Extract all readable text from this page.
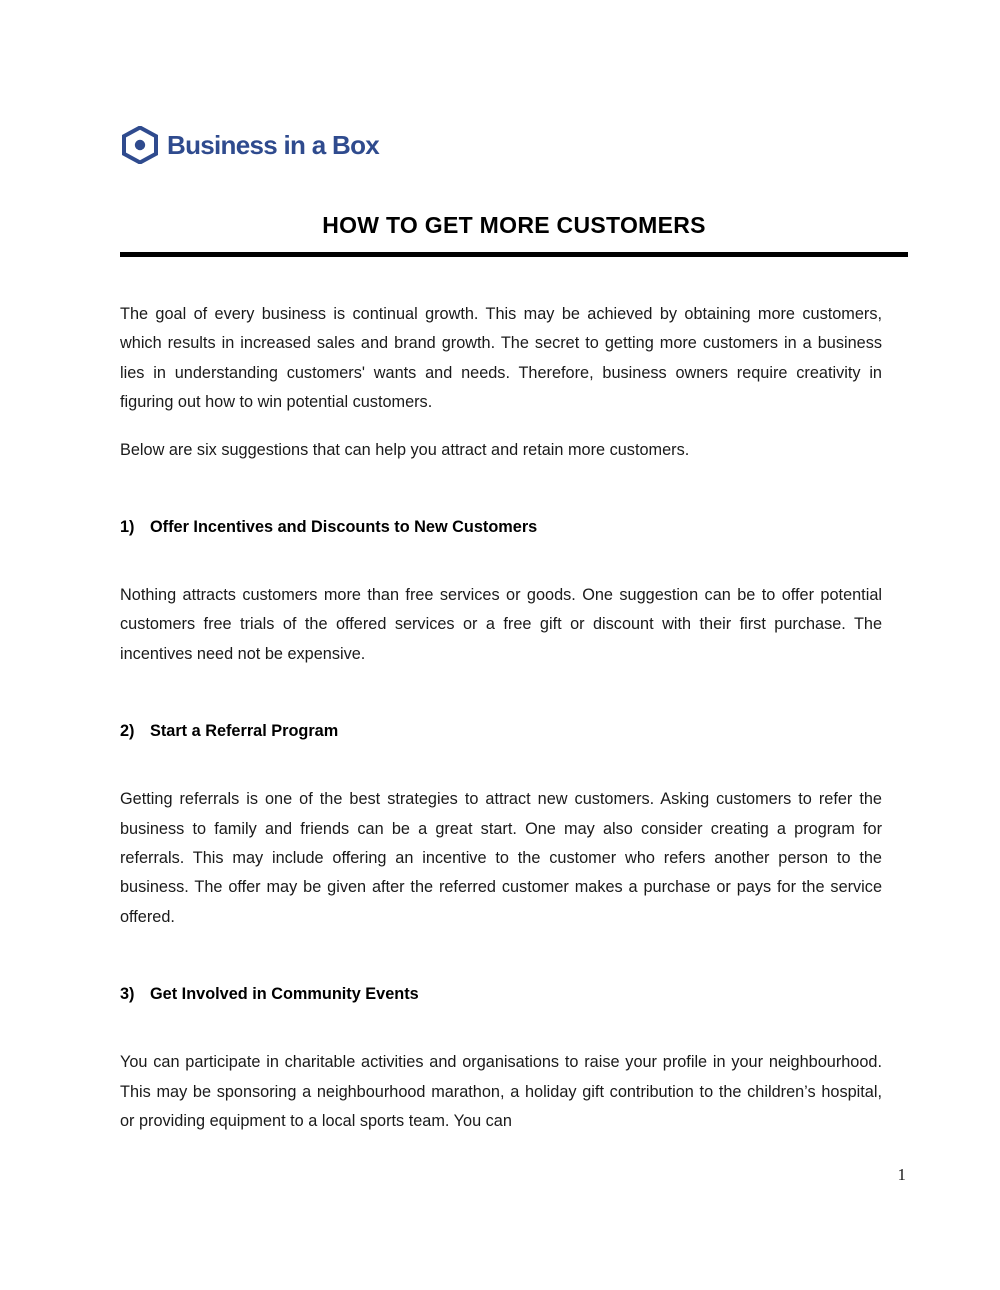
Business in a Box
HOW TO GET MORE CUSTOMERS

The goal of every business is continual growth. This may be achieved by obtaining more customers, which results in increased sales and brand growth. The secret to getting more customers in a business lies in understanding customers' wants and needs. Therefore, business owners require creativity in figuring out how to win potential customers.

Below are six suggestions that can help you attract and retain more customers.

1) Offer Incentives and Discounts to New Customers

Nothing attracts customers more than free services or goods. One suggestion can be to offer potential customers free trials of the offered services or a free gift or discount with their first purchase. The incentives need not be expensive.

2) Start a Referral Program

Getting referrals is one of the best strategies to attract new customers. Asking customers to refer the business to family and friends can be a great start. One may also consider creating a program for referrals. This may include offering an incentive to the customer who refers another person to the business. The offer may be given after the referred customer makes a purchase or pays for the service offered.

3) Get Involved in Community Events

You can participate in charitable activities and organisations to raise your profile in your neighbourhood. This may be sponsoring a neighbourhood marathon, a holiday gift contribution to the children’s hospital, or providing equipment to a local sports team. You can

1
